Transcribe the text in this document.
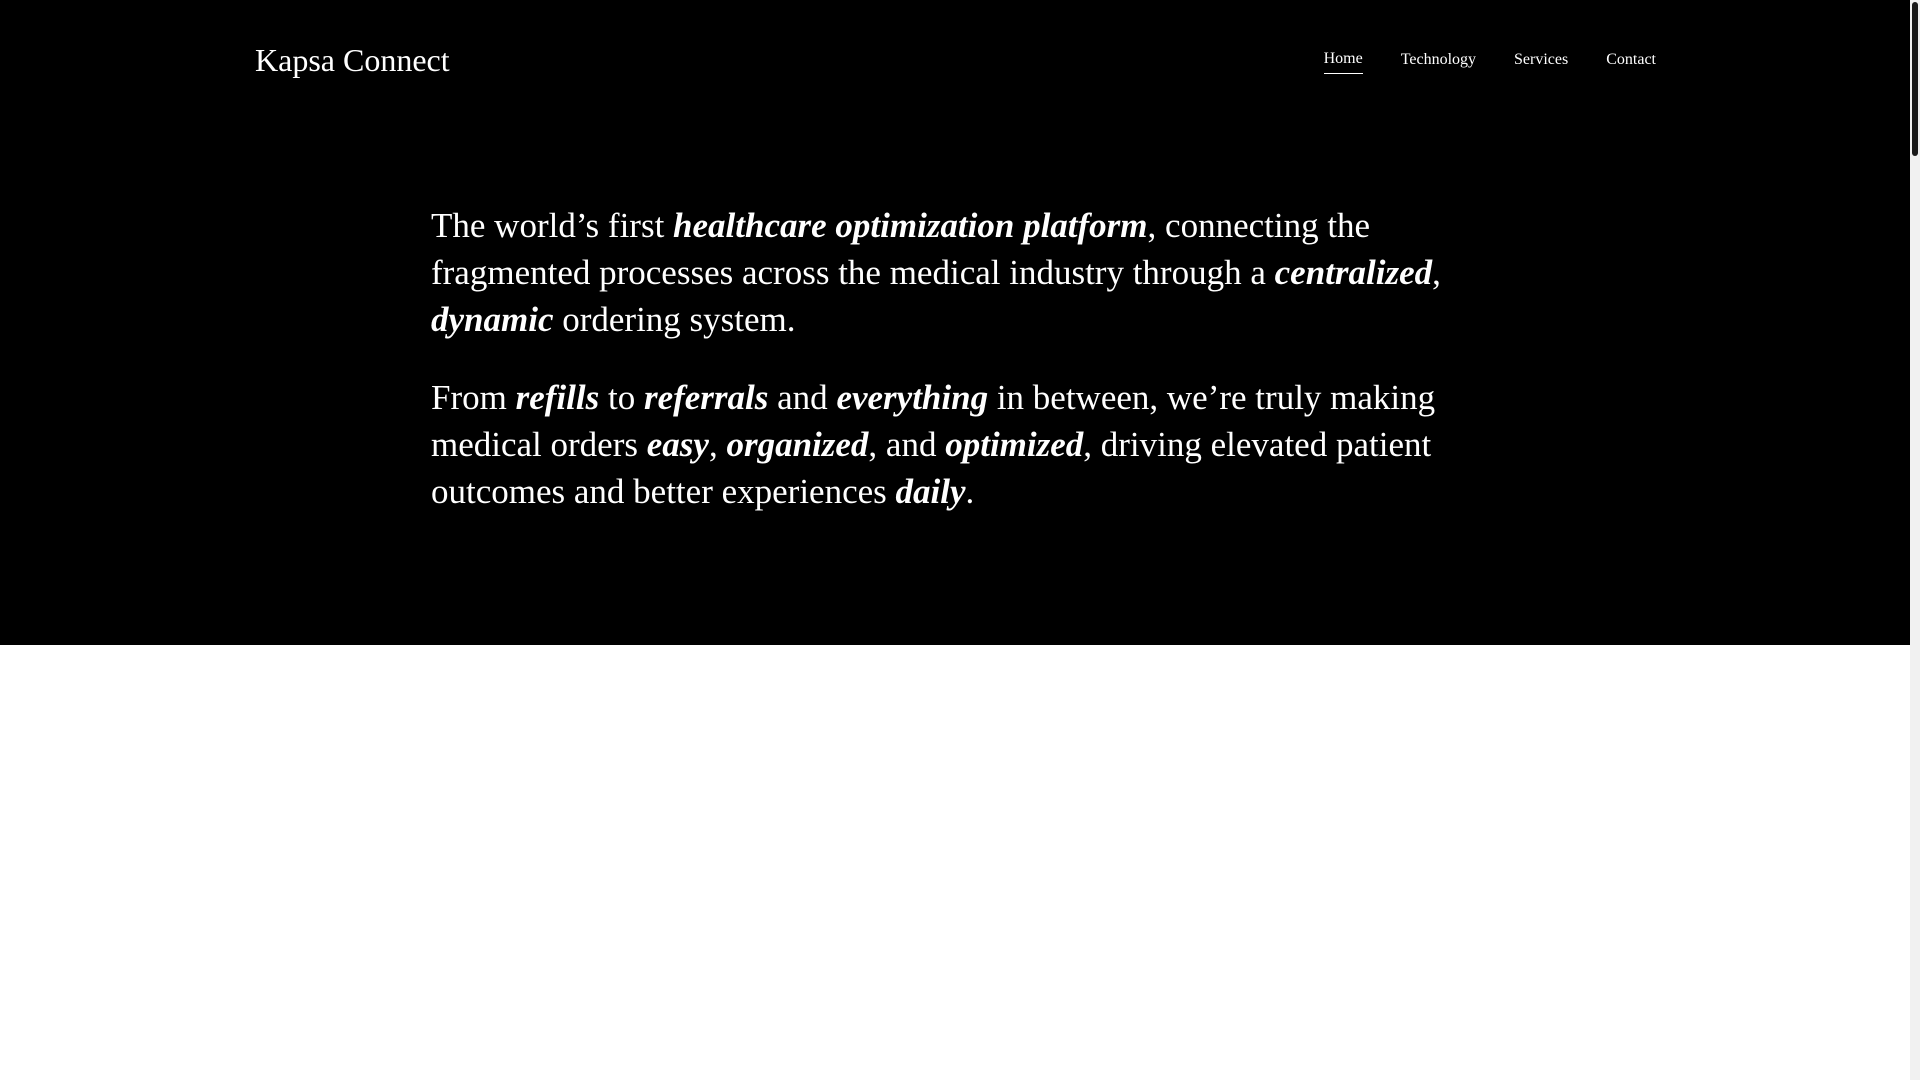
Kapsa Connect	Home Technology Services Contact

The world’s first healthcare optimization platform, connecting the fragmented processes across the medical industry through a centralized, dynamic ordering system.

From refills to referrals and everything in between, we’re truly making medical orders easy, organized, and optimized, driving elevated patient outcomes and better experiences daily.
